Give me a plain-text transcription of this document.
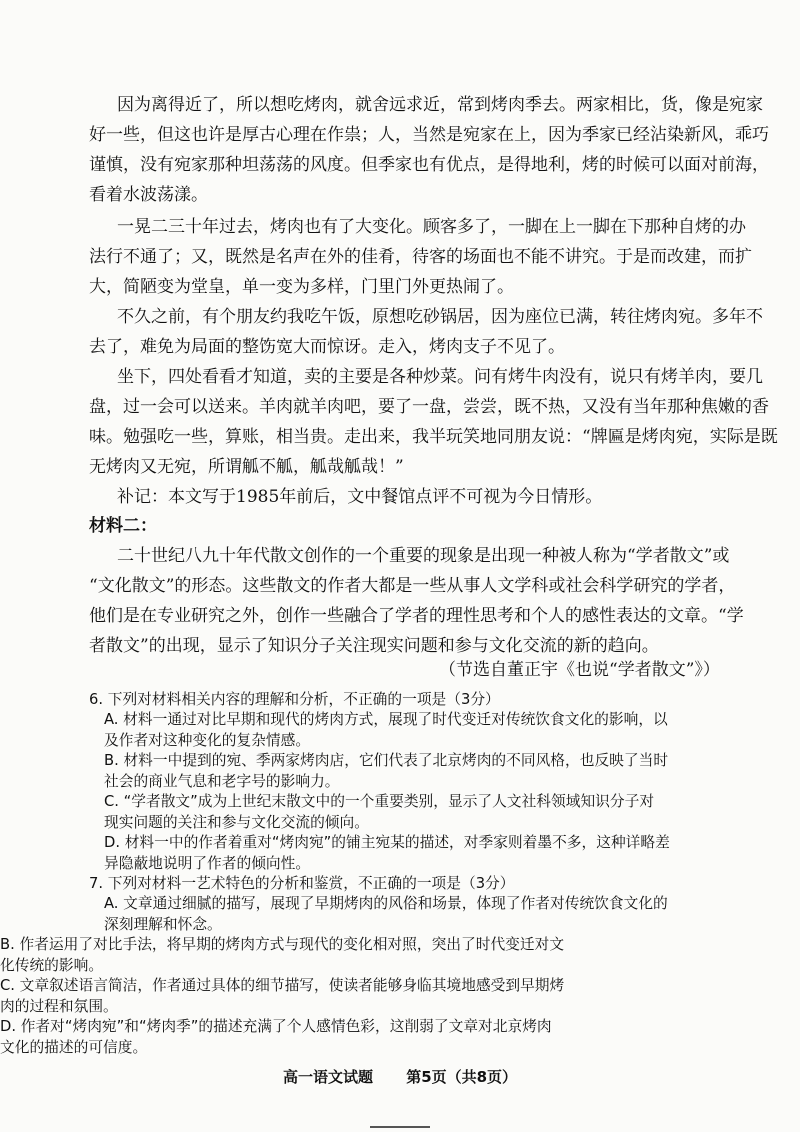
因为离得近了，所以想吃烤肉，就舍远求近，常到烤肉季去。两家相比，货，像是宛家
好一些，但这也许是厚古心理在作祟；人，当然是宛家在上，因为季家已经沾染新风，乖巧
谨慎，没有宛家那种坦荡荡的风度。但季家也有优点，是得地利，烤的时候可以面对前海，
看着水波荡漾。
一晃二三十年过去，烤肉也有了大变化。顾客多了，一脚在上一脚在下那种自烤的办
法行不通了；又，既然是名声在外的佳肴，待客的场面也不能不讲究。于是而改建，而扩
大，简陋变为堂皇，单一变为多样，门里门外更热闹了。
不久之前，有个朋友约我吃午饭，原想吃砂锅居，因为座位已满，转往烤肉宛。多年不
去了，难免为局面的整饬宽大而惊讶。走入，烤肉支子不见了。
坐下，四处看看才知道，卖的主要是各种炒菜。问有烤牛肉没有，说只有烤羊肉，要几
盘，过一会可以送来。羊肉就羊肉吧，要了一盘，尝尝，既不热，又没有当年那种焦嫩的香
味。勉强吃一些，算账，相当贵。走出来，我半玩笑地同朋友说：“牌匾是烤肉宛，实际是既
无烤肉又无宛，所谓觚不觚，觚哉觚哉！”
补记：本文写于1985年前后，文中餐馆点评不可视为今日情形。
材料二：
二十世纪八九十年代散文创作的一个重要的现象是出现一种被人称为“学者散文”或
“文化散文”的形态。这些散文的作者大都是一些从事人文学科或社会科学研究的学者，
他们是在专业研究之外，创作一些融合了学者的理性思考和个人的感性表达的文章。“学
者散文”的出现，显示了知识分子关注现实问题和参与文化交流的新的趋向。
（节选自董正宇《也说“学者散文”》）
6. 下列对材料相关内容的理解和分析，不正确的一项是（3分）
A. 材料一通过对比早期和现代的烤肉方式，展现了时代变迁对传统饮食文化的影响，以
及作者对这种变化的复杂情感。
B. 材料一中提到的宛、季两家烤肉店，它们代表了北京烤肉的不同风格，也反映了当时
社会的商业气息和老字号的影响力。
C. “学者散文”成为上世纪末散文中的一个重要类别，显示了人文社科领域知识分子对
现实问题的关注和参与文化交流的倾向。
D. 材料一中的作者着重对“烤肉宛”的铺主宛某的描述，对季家则着墨不多，这种详略差
异隐蔽地说明了作者的倾向性。
7. 下列对材料一艺术特色的分析和鉴赏，不正确的一项是（3分）
A. 文章通过细腻的描写，展现了早期烤肉的风俗和场景，体现了作者对传统饮食文化的
深刻理解和怀念。
B. 作者运用了对比手法，将早期的烤肉方式与现代的变化相对照，突出了时代变迁对文
化传统的影响。
C. 文章叙述语言简洁，作者通过具体的细节描写，使读者能够身临其境地感受到早期烤
肉的过程和氛围。
D. 作者对“烤肉宛”和“烤肉季”的描述充满了个人感情色彩，这削弱了文章对北京烤肉
文化的描述的可信度。
高一语文试题 第5页（共8页）
